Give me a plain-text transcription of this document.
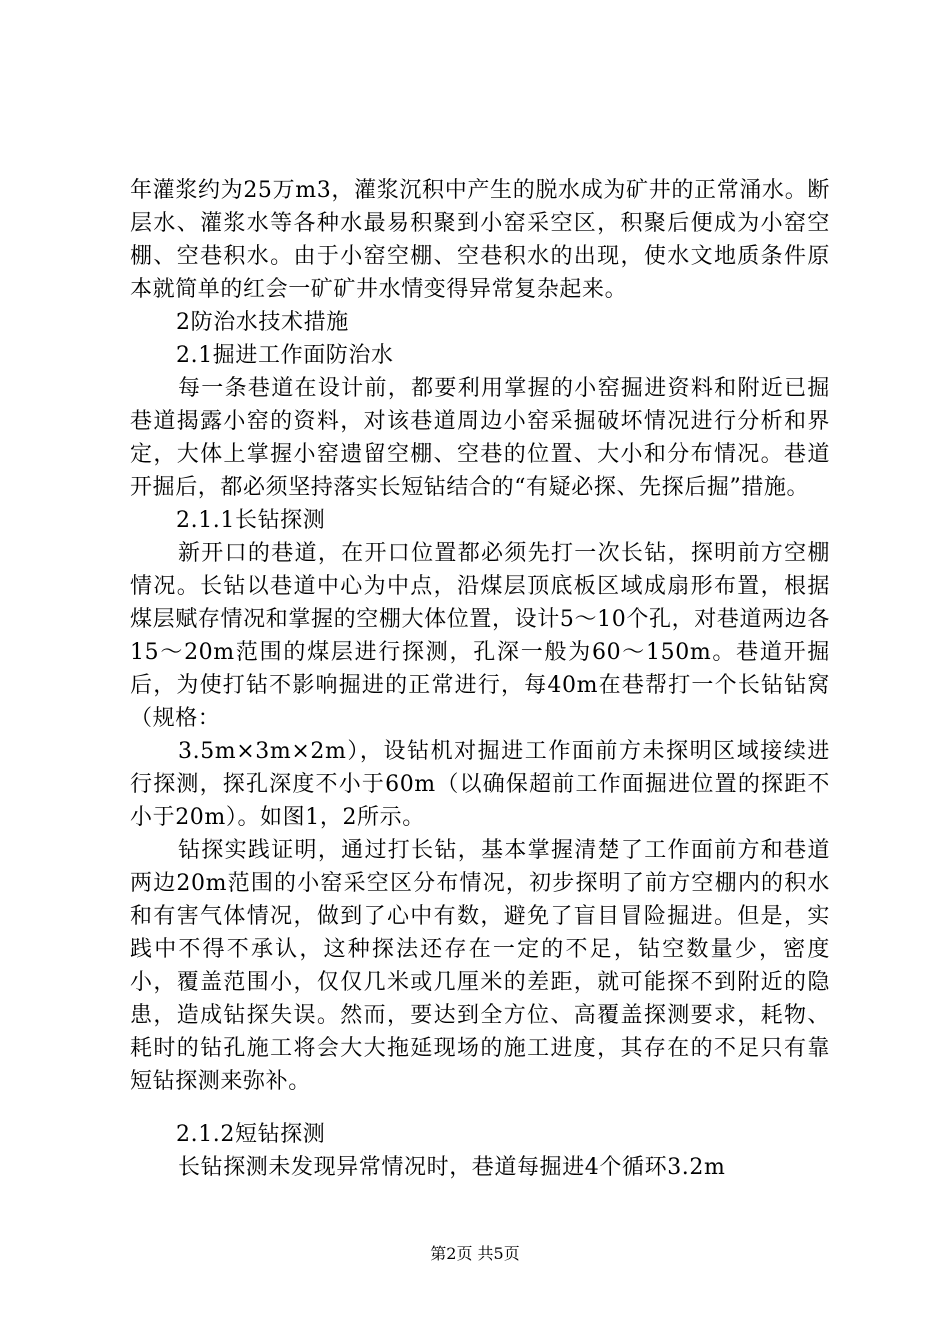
年灌浆约为25万m3，灌浆沉积中产生的脱水成为矿井的正常涌水。断层水、灌浆水等各种水最易积聚到小窑采空区，积聚后便成为小窑空棚、空巷积水。由于小窑空棚、空巷积水的出现，使水文地质条件原本就简单的红会一矿矿井水情变得异常复杂起来。

2防治水技术措施

2.1掘进工作面防治水

每一条巷道在设计前，都要利用掌握的小窑掘进资料和附近已掘巷道揭露小窑的资料，对该巷道周边小窑采掘破坏情况进行分析和界定，大体上掌握小窑遗留空棚、空巷的位置、大小和分布情况。巷道开掘后，都必须坚持落实长短钻结合的“有疑必探、先探后掘”措施。

2.1.1长钻探测

新开口的巷道，在开口位置都必须先打一次长钻，探明前方空棚情况。长钻以巷道中心为中点，沿煤层顶底板区域成扇形布置，根据煤层赋存情况和掌握的空棚大体位置，设计5～10个孔，对巷道两边各15～20m范围的煤层进行探测，孔深一般为60～150m。巷道开掘后，为使打钻不影响掘进的正常进行，每40m在巷帮打一个长钻钻窝（规格：

3.5m×3m×2m），设钻机对掘进工作面前方未探明区域接续进行探测，探孔深度不小于60m（以确保超前工作面掘进位置的探距不小于20m）。如图1，2所示。

钻探实践证明，通过打长钻，基本掌握清楚了工作面前方和巷道两边20m范围的小窑采空区分布情况，初步探明了前方空棚内的积水和有害气体情况，做到了心中有数，避免了盲目冒险掘进。但是，实践中不得不承认，这种探法还存在一定的不足，钻空数量少，密度小，覆盖范围小，仅仅几米或几厘米的差距，就可能探不到附近的隐患，造成钻探失误。然而，要达到全方位、高覆盖探测要求，耗物、耗时的钻孔施工将会大大拖延现场的施工进度，其存在的不足只有靠短钻探测来弥补。

2.1.2短钻探测

长钻探测未发现异常情况时，巷道每掘进4个循环3.2m

第2页 共5页
